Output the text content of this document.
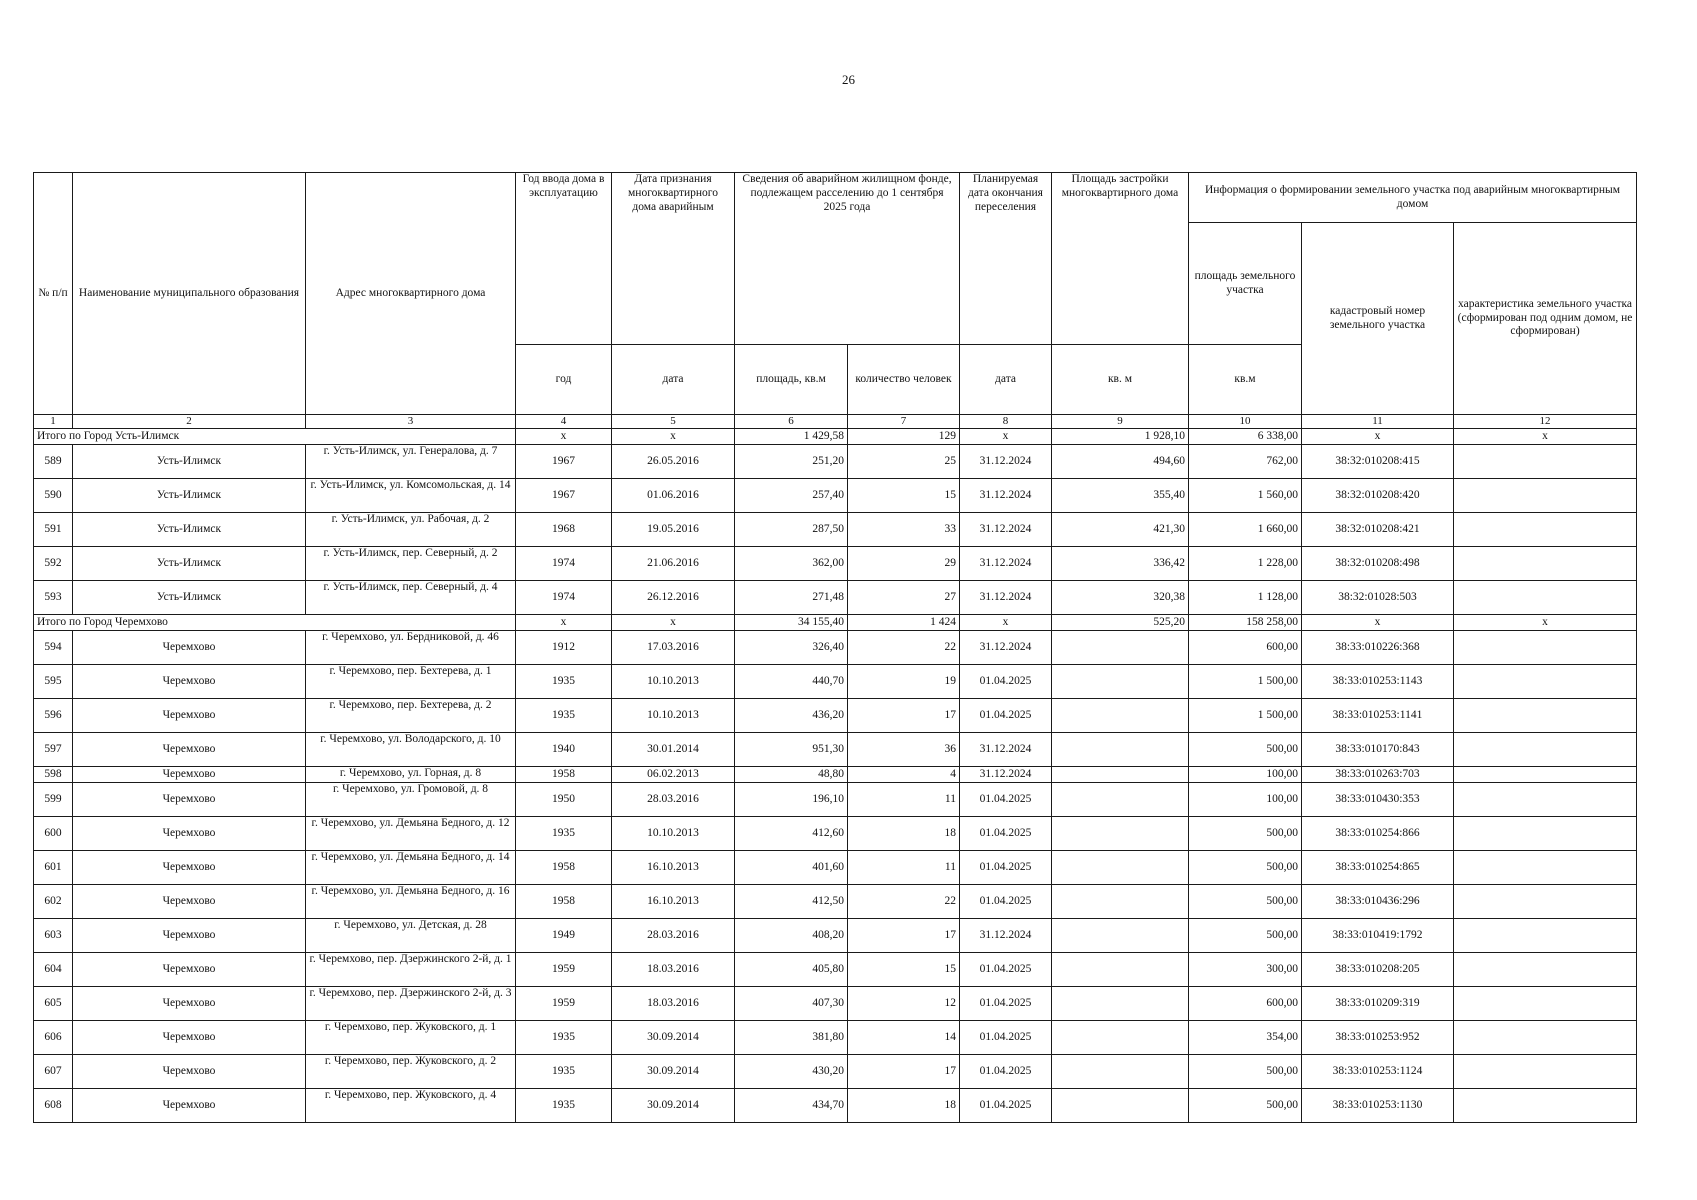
26
№ п/п	Наименование муниципального образования	Адрес многоквартирного дома	Год ввода дома в эксплуатацию	Дата признания многоквартирного дома аварийным	Сведения об аварийном жилищном фонде, подлежащем расселению до 1 сентября 2025 года		Планируемая дата окончания переселения	Площадь застройки многоквартирного дома	Информация о формировании земельного участка под аварийным многоквартирным домом		
									площадь земельного участка	кадастровый номер земельного участка	характеристика земельного участка (сформирован под одним домом, не сформирован)
			год	дата	площадь, кв.м	количество человек	дата	кв. м	кв.м		
1	2	3	4	5	6	7	8	9	10	11	12
Итого по Город Усть-Илимск			x	x	1 429,58	129	x	1 928,10	6 338,00	x	x
589	Усть-Илимск	г. Усть-Илимск, ул. Генералова, д. 7	1967	26.05.2016	251,20	25	31.12.2024	494,60	762,00	38:32:010208:415	
590	Усть-Илимск	г. Усть-Илимск, ул. Комсомольская, д. 14	1967	01.06.2016	257,40	15	31.12.2024	355,40	1 560,00	38:32:010208:420	
591	Усть-Илимск	г. Усть-Илимск, ул. Рабочая, д. 2	1968	19.05.2016	287,50	33	31.12.2024	421,30	1 660,00	38:32:010208:421	
592	Усть-Илимск	г. Усть-Илимск, пер. Северный, д. 2	1974	21.06.2016	362,00	29	31.12.2024	336,42	1 228,00	38:32:010208:498	
593	Усть-Илимск	г. Усть-Илимск, пер. Северный, д. 4	1974	26.12.2016	271,48	27	31.12.2024	320,38	1 128,00	38:32:01028:503	
Итого по Город Черемхово			x	x	34 155,40	1 424	x	525,20	158 258,00	x	x
594	Черемхово	г. Черемхово, ул. Бердниковой, д. 46	1912	17.03.2016	326,40	22	31.12.2024		600,00	38:33:010226:368	
595	Черемхово	г. Черемхово, пер. Бехтерева, д. 1	1935	10.10.2013	440,70	19	01.04.2025		1 500,00	38:33:010253:1143	
596	Черемхово	г. Черемхово, пер. Бехтерева, д. 2	1935	10.10.2013	436,20	17	01.04.2025		1 500,00	38:33:010253:1141	
597	Черемхово	г. Черемхово, ул. Володарского, д. 10	1940	30.01.2014	951,30	36	31.12.2024		500,00	38:33:010170:843	
598	Черемхово	г. Черемхово, ул. Горная, д. 8	1958	06.02.2013	48,80	4	31.12.2024		100,00	38:33:010263:703	
599	Черемхово	г. Черемхово, ул. Громовой, д. 8	1950	28.03.2016	196,10	11	01.04.2025		100,00	38:33:010430:353	
600	Черемхово	г. Черемхово, ул. Демьяна Бедного, д. 12	1935	10.10.2013	412,60	18	01.04.2025		500,00	38:33:010254:866	
601	Черемхово	г. Черемхово, ул. Демьяна Бедного, д. 14	1958	16.10.2013	401,60	11	01.04.2025		500,00	38:33:010254:865	
602	Черемхово	г. Черемхово, ул. Демьяна Бедного, д. 16	1958	16.10.2013	412,50	22	01.04.2025		500,00	38:33:010436:296	
603	Черемхово	г. Черемхово, ул. Детская, д. 28	1949	28.03.2016	408,20	17	31.12.2024		500,00	38:33:010419:1792	
604	Черемхово	г. Черемхово, пер. Дзержинского 2-й, д. 1	1959	18.03.2016	405,80	15	01.04.2025		300,00	38:33:010208:205	
605	Черемхово	г. Черемхово, пер. Дзержинского 2-й, д. 3	1959	18.03.2016	407,30	12	01.04.2025		600,00	38:33:010209:319	
606	Черемхово	г. Черемхово, пер. Жуковского, д. 1	1935	30.09.2014	381,80	14	01.04.2025		354,00	38:33:010253:952	
607	Черемхово	г. Черемхово, пер. Жуковского, д. 2	1935	30.09.2014	430,20	17	01.04.2025		500,00	38:33:010253:1124	
608	Черемхово	г. Черемхово, пер. Жуковского, д. 4	1935	30.09.2014	434,70	18	01.04.2025		500,00	38:33:010253:1130	
